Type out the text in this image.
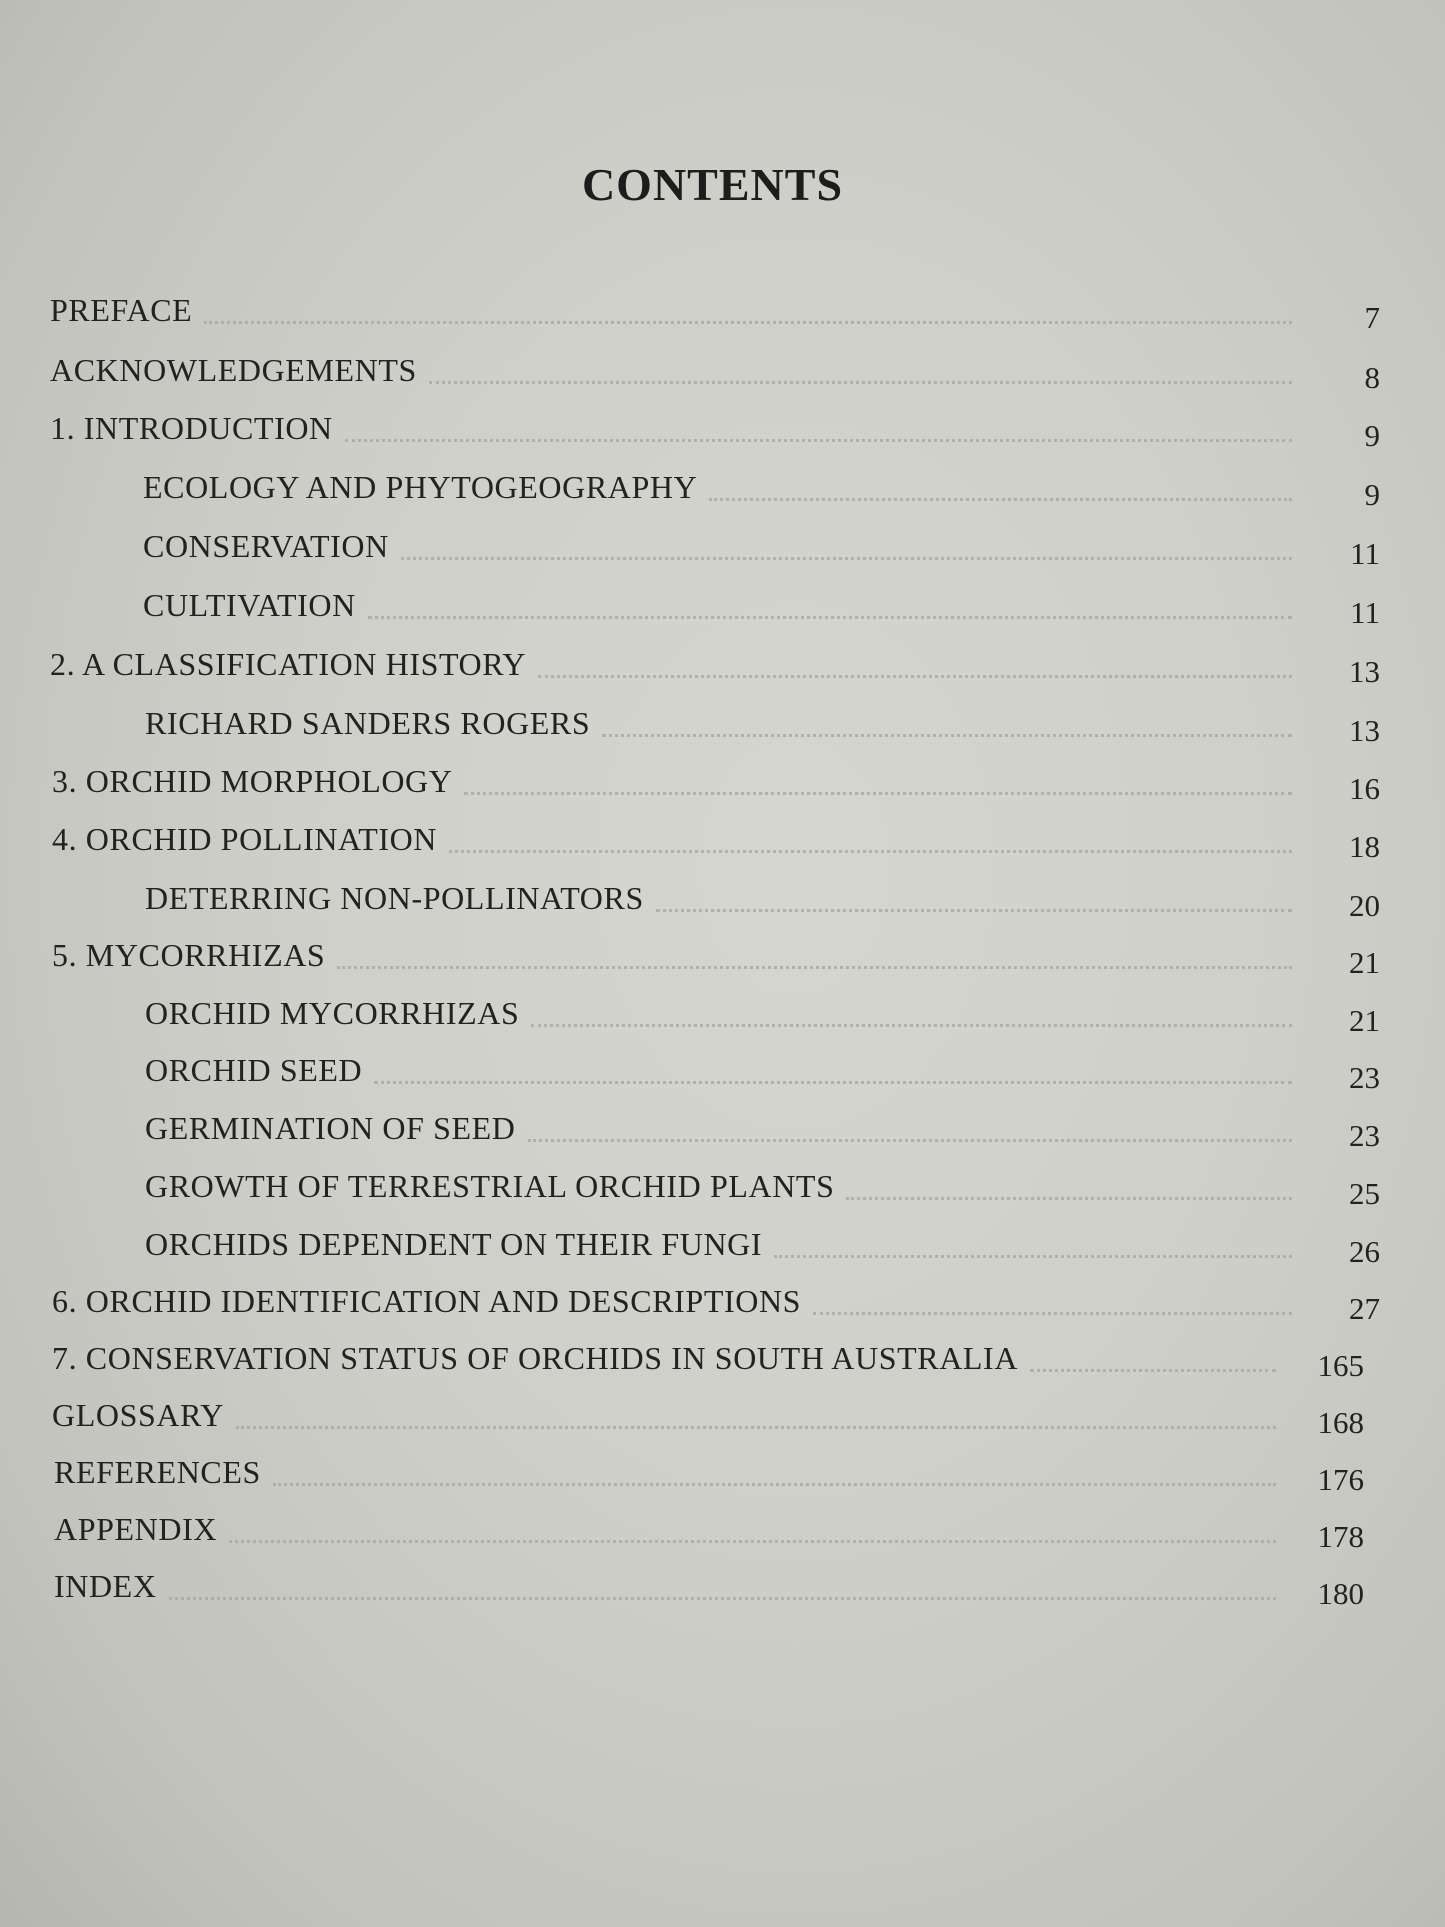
CONTENTS
PREFACE	7
ACKNOWLEDGEMENTS	8
1. INTRODUCTION	9
ECOLOGY AND PHYTOGEOGRAPHY	9
CONSERVATION	11
CULTIVATION	11
2. A CLASSIFICATION HISTORY	13
RICHARD SANDERS ROGERS	13
3. ORCHID MORPHOLOGY	16
4. ORCHID POLLINATION	18
DETERRING NON-POLLINATORS	20
5. MYCORRHIZAS	21
ORCHID MYCORRHIZAS	21
ORCHID SEED	23
GERMINATION OF SEED	23
GROWTH OF TERRESTRIAL ORCHID PLANTS	25
ORCHIDS DEPENDENT ON THEIR FUNGI	26
6. ORCHID IDENTIFICATION AND DESCRIPTIONS	27
7. CONSERVATION STATUS OF ORCHIDS IN SOUTH AUSTRALIA	165
GLOSSARY	168
REFERENCES	176
APPENDIX	178
INDEX	180
